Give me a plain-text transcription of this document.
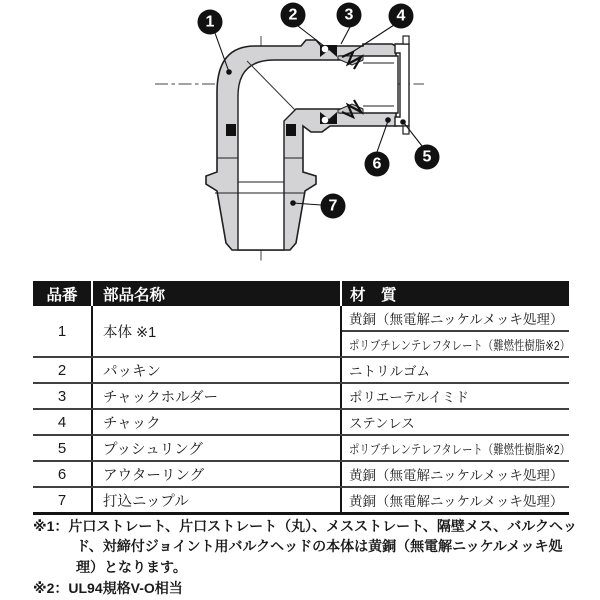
1	2	3	4
5
6
7
品番	部品名称	材　質
1	本体 ※1
黄銅（無電解ニッケルメッキ処理）
ポリブチレンテレフタレート（難燃性樹脂※2）
2	パッキン	ニトリルゴム
3	チャックホルダー	ポリエーテルイミド
4	チャック	ステンレス
5	プッシュリング	ポリブチレンテレフタレート（難燃性樹脂※2）
6	アウターリング	黄銅（無電解ニッケルメッキ処理）
7	打込ニップル	黄銅（無電解ニッケルメッキ処理）

※1：片口ストレート、片口ストレート（丸）、メスストレート、隔壁メス、バルクヘッド、対締付ジョイント用バルクヘッドの本体は黄銅（無電解ニッケルメッキ処理）となります。

※2：UL94規格V-O相当
